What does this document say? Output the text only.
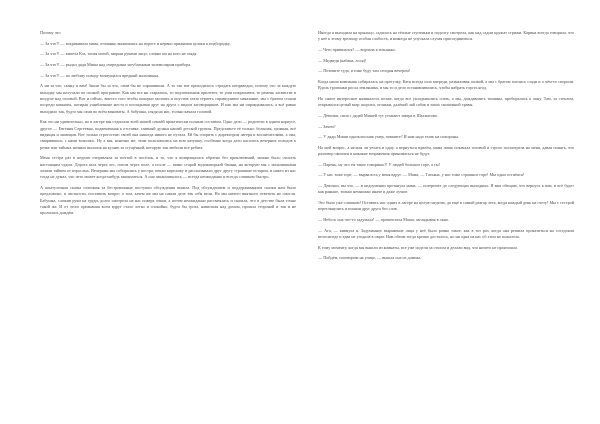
Потому что

— За что?! — вскрикивала мама, отчаянно выжимаясь на пороге и нервно прижимая кулаки к подбородку.

— За что?! — кипела Кэз, топая ногой, закрыв руками лицо, словно ни на кого не глядя.

— За что?! — рыдал дядя Миша над очередным загубленным экземпляром прибора.

— За что?! — по любому поводу возмущался вредный мальчишка.

А ни за что, скажу я вам! Знали бы за что, сами бы не спрашивали. А то так вот приходилось страдать неправедно, потому что за каждую выходку мы получали по полной программе. Как мы все ни старались, то подзатыльник прилетит, то уши покраснеют, то ремень засвистит в воздухе над головой. Вот и сейчас, вместо того чтобы покорно молчать и опустив глаза терпеть справедливое наказание, мы с братом стояли посреди комнаты, потирая ушибленные места и поглядывая друг на друга с видом заговорщиков. И как мы ни оправдывались, а всё равно выходило так, будто мы сами во всём виноваты. А бабушка, глядя на нас, только качала головой.

Как это ни удивительно, но в лагере мы отдыхали всей нашей семьёй практически полным составом. Одно дело — родители в одном корпусе, другое — Евгения Сергеевна, подвешенная к отставке, главный дуэнья нашей детской группы. Представьте её только: большая, громкая, всё видящая и знающая. Вот только строгостью своей она никогда никого не пугала. Ей бы спорить с директором лагеря и воспитателями, а она, смирившись, с нами возилась. Ну а мы, конечно же, этим пользовались на всю катушку, особенно когда дело касалось вечерних походов к речке или тайных ночных вылазок на кухню за сгущёнкой, которую так любили все ребята.

Меня сестра раз в неделю отправляла за почтой в посёлок, и то, что я возвращалась обратно без приключений, можно было считать настоящим чудом. Дорога шла через лес, потом через поле, а после — мимо старой водонапорной башни, на которую мы с мальчишками лазили тайком от взрослых. Вечерами мы собирались у костра, пекли картошку и рассказывали друг другу страшные истории, и никто из нас тогда не думал, что лето может когда-нибудь закончиться. А оно заканчивалось — всегда неожиданно и всегда слишком быстро.

А шкатулочная сказка отличная за бестревожные поступки обсуждения вышла. Под обсуждением и поддерживанием сказки нам было предложено, в частности, поставить вопрос о том, зачем же мы на самом деле так себя вели. Но мы ничего внятного ответить не смогли. Бабушка, сложив руки на груди, долго смотрела на нас поверх очков, а потом неожиданно рассмеялась и сказала, что в детстве была точно такой же. И от этого признания всем вдруг стало легко и спокойно, будто бы гроза, нависшая над домом, прошла стороной и так и не пролилась дождём.

Иногда я выходила на крыльцо, садилась на тёплые ступеньки и подолгу смотрела, как над садом кружат стрижи. Карина всегда говорила, что у неё к этому зрелищу особая слабость, и никогда не упускала случая присоединиться.

— Чего привязался? — ворчала я тихонько.

— Медведи (кабана, лося)!

— Позовите туда, я тоже буду там сегодня вечером!

Когда наша компания собиралась на прогулку, Катя всегда шла впереди, размахивая палкой, а мы с братом плелись сзади и о чём-то спорили. Вдоль тропинки росла земляника, и мы то и дело останавливались, чтобы набрать горсть ягод.

Но самое интересное начиналось позже, когда все укладывались спать, а мы, дождавшись тишины, пробирались к окну. Там, за стеклом, открывался целый мир: шорохи, огоньки, далёкий лай собак и запах скошенной травы.

— Девочки, папа с дядей Мишей тут уезжают завтра в Шахматово.

— Зачем?

— У дяди Миши одноклассник умер, помните? И нам надо ехать на похороны.

На мой вопрос, а нельзя ли уехать в одну, а вернуться вдвоём, мама лишь покачала головой и строго посмотрела на меня, давая понять, что разговор окончен и никакие возражения приниматься не будут.

— Парень, ну что ты такое говоришь?! У людей большое горе, а ты!

— У нас тоже горе, — вырвалось у меня вдруг. — Мама, — Татьяна, у нас тоже страшное горе! Мы одни остаёмся!

— Девочки, вы что, — в недоумении протянула мама, — потерпите до следующих выходных. Я вам обещаю, что вернусь к вам, и всё будет как раньше, только немножко иначе и даже лучше.

Это было уже слишком! Оставить нас одних в лагере на целую неделю, да ещё в самый разгар лета, когда каждый день на счету! Мы с сестрой переглянулись и поняли друг друга без слов.

— Небось она что-то задумала! — прошептала Маша, заглядывая в окно.

— Ага, — кивнула я. Задуманное выражение лица у неё было ровно такое, как в тот раз, когда она решила прокатиться на соседском велосипеде и едва не угодила в овраг. Нам обеим тогда крепко досталось, но ни одна из нас об этом не пожалела.

К тому моменту, когда мы вышли из комнаты, все уже сидели за столом и делали вид, что ничего не произошло.

— Пойдём, поговорим на улице, — вышла она из домика.
